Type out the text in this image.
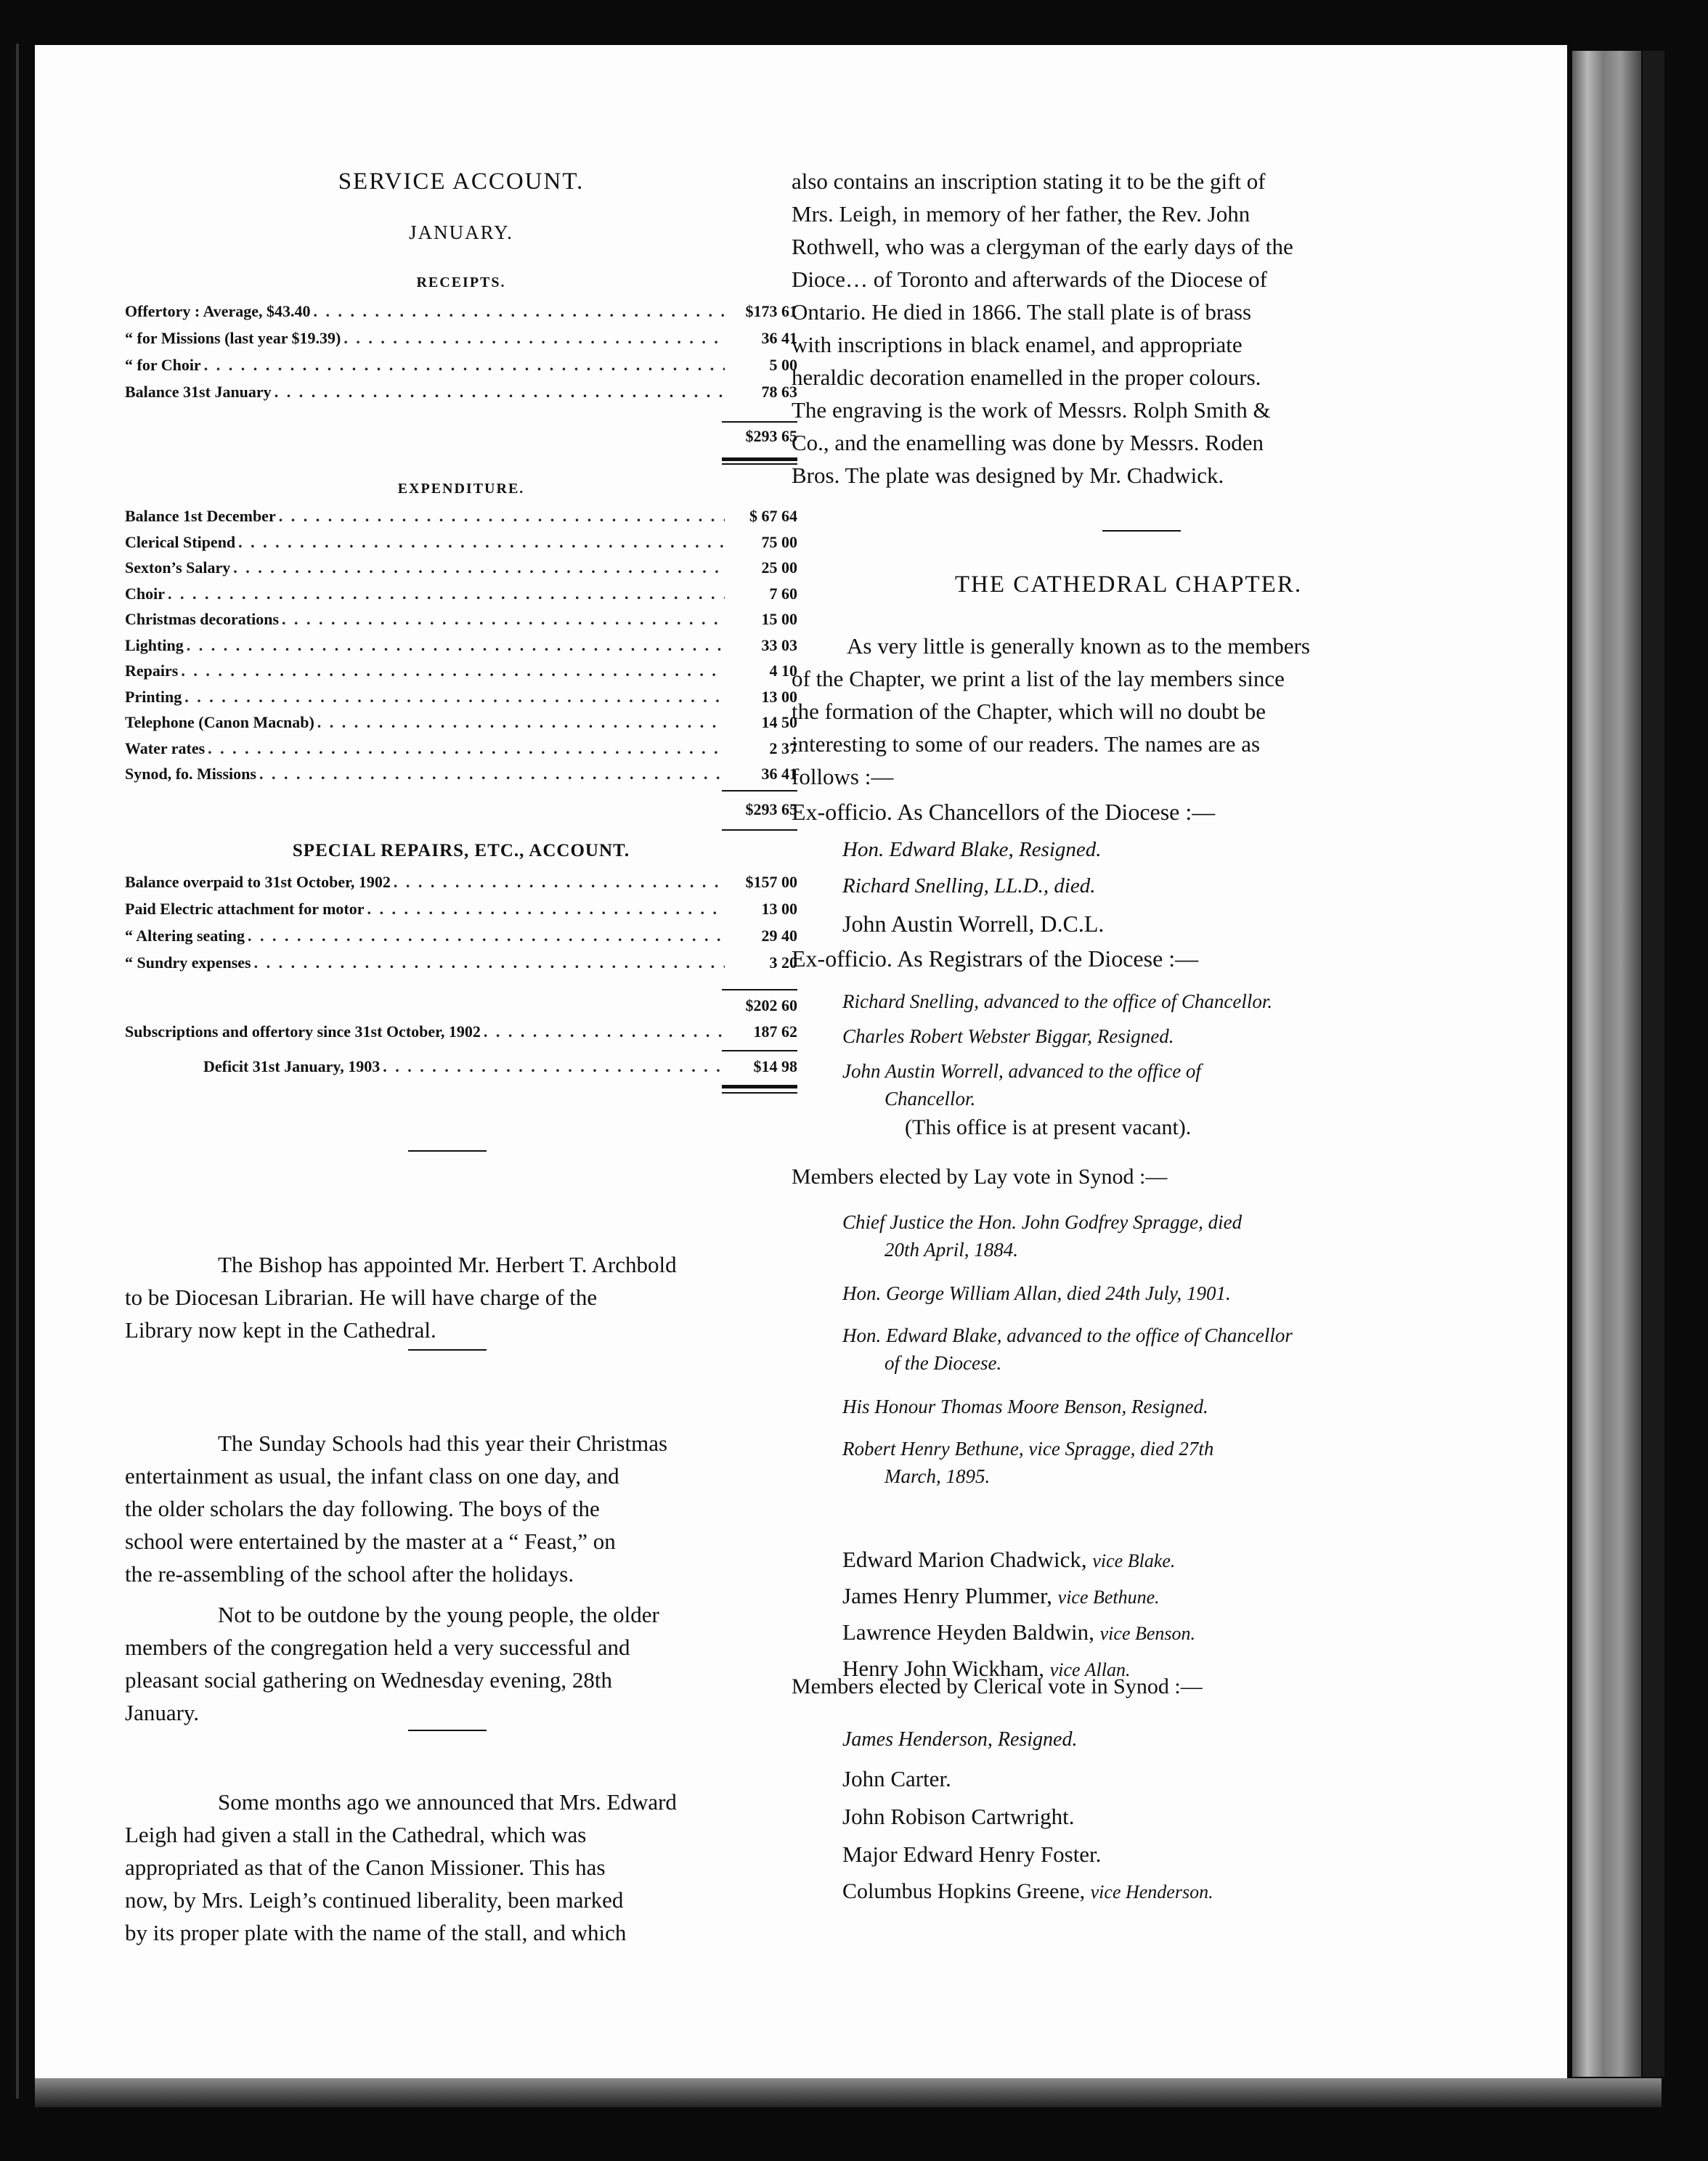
SERVICE ACCOUNT.
JANUARY.
RECEIPTS.
Offertory : Average, $43.40 . . .	$173 61
“ for Missions (last year $19.39) . . .	36 41
“ for Choir . . .	5 00
Balance 31st January . . .	78 63
$293 65
EXPENDITURE.
Balance 1st December . . .	$ 67 64
Clerical Stipend . . .	75 00
Sexton’s Salary . . .	25 00
Choir . . .	7 60
Christmas decorations . . .	15 00
Lighting . . .	33 03
Repairs . . .	4 10
Printing . . .	13 00
Telephone (Canon Macnab) . . .	14 50
Water rates . . .	2 37
Synod, fo. Missions . . .	36 41
$293 65
SPECIAL REPAIRS, ETC., ACCOUNT.
Balance overpaid to 31st October, 1902 . . .	$157 00
Paid Electric attachment for motor . . .	13 00
“ Altering seating . . .	29 40
“ Sundry expenses . . .	3 20
$202 60
Subscriptions and offertory since 31st October, 1902 . . .	187 62
Deficit 31st January, 1903 . . .	$14 98
The Bishop has appointed Mr. Herbert T. Archbold
to be Diocesan Librarian. He will have charge of the
Library now kept in the Cathedral.
The Sunday Schools had this year their Christmas
entertainment as usual, the infant class on one day, and
the older scholars the day following. The boys of the
school were entertained by the master at a “ Feast,” on
the re-assembling of the school after the holidays.
Not to be outdone by the young people, the older
members of the congregation held a very successful and
pleasant social gathering on Wednesday evening, 28th
January.
Some months ago we announced that Mrs. Edward
Leigh had given a stall in the Cathedral, which was
appropriated as that of the Canon Missioner. This has
now, by Mrs. Leigh’s continued liberality, been marked
by its proper plate with the name of the stall, and which
also contains an inscription stating it to be the gift of
Mrs. Leigh, in memory of her father, the Rev. John
Rothwell, who was a clergyman of the early days of the
Dioce… of Toronto and afterwards of the Diocese of
Ontario. He died in 1866. The stall plate is of brass
with inscriptions in black enamel, and appropriate
heraldic decoration enamelled in the proper colours.
The engraving is the work of Messrs. Rolph Smith &
Co., and the enamelling was done by Messrs. Roden
Bros. The plate was designed by Mr. Chadwick.
THE CATHEDRAL CHAPTER.
As very little is generally known as to the members
of the Chapter, we print a list of the lay members since
the formation of the Chapter, which will no doubt be
interesting to some of our readers. The names are as
follows :—
Ex-officio. As Chancellors of the Diocese :—
Hon. Edward Blake, Resigned.
Richard Snelling, LL.D., died.
John Austin Worrell, D.C.L.
Ex-officio. As Registrars of the Diocese :—
Richard Snelling, advanced to the office of Chancellor.
Charles Robert Webster Biggar, Resigned.
John Austin Worrell, advanced to the office of
Chancellor.
(This office is at present vacant).
Members elected by Lay vote in Synod :—
Chief Justice the Hon. John Godfrey Spragge, died
20th April, 1884.
Hon. George William Allan, died 24th July, 1901.
Hon. Edward Blake, advanced to the office of Chancellor
of the Diocese.
His Honour Thomas Moore Benson, Resigned.
Robert Henry Bethune, vice Spragge, died 27th
March, 1895.
Edward Marion Chadwick, vice Blake.
James Henry Plummer, vice Bethune.
Lawrence Heyden Baldwin, vice Benson.
Henry John Wickham, vice Allan.
Members elected by Clerical vote in Synod :—
James Henderson, Resigned.
John Carter.
John Robison Cartwright.
Major Edward Henry Foster.
Columbus Hopkins Greene, vice Henderson.
